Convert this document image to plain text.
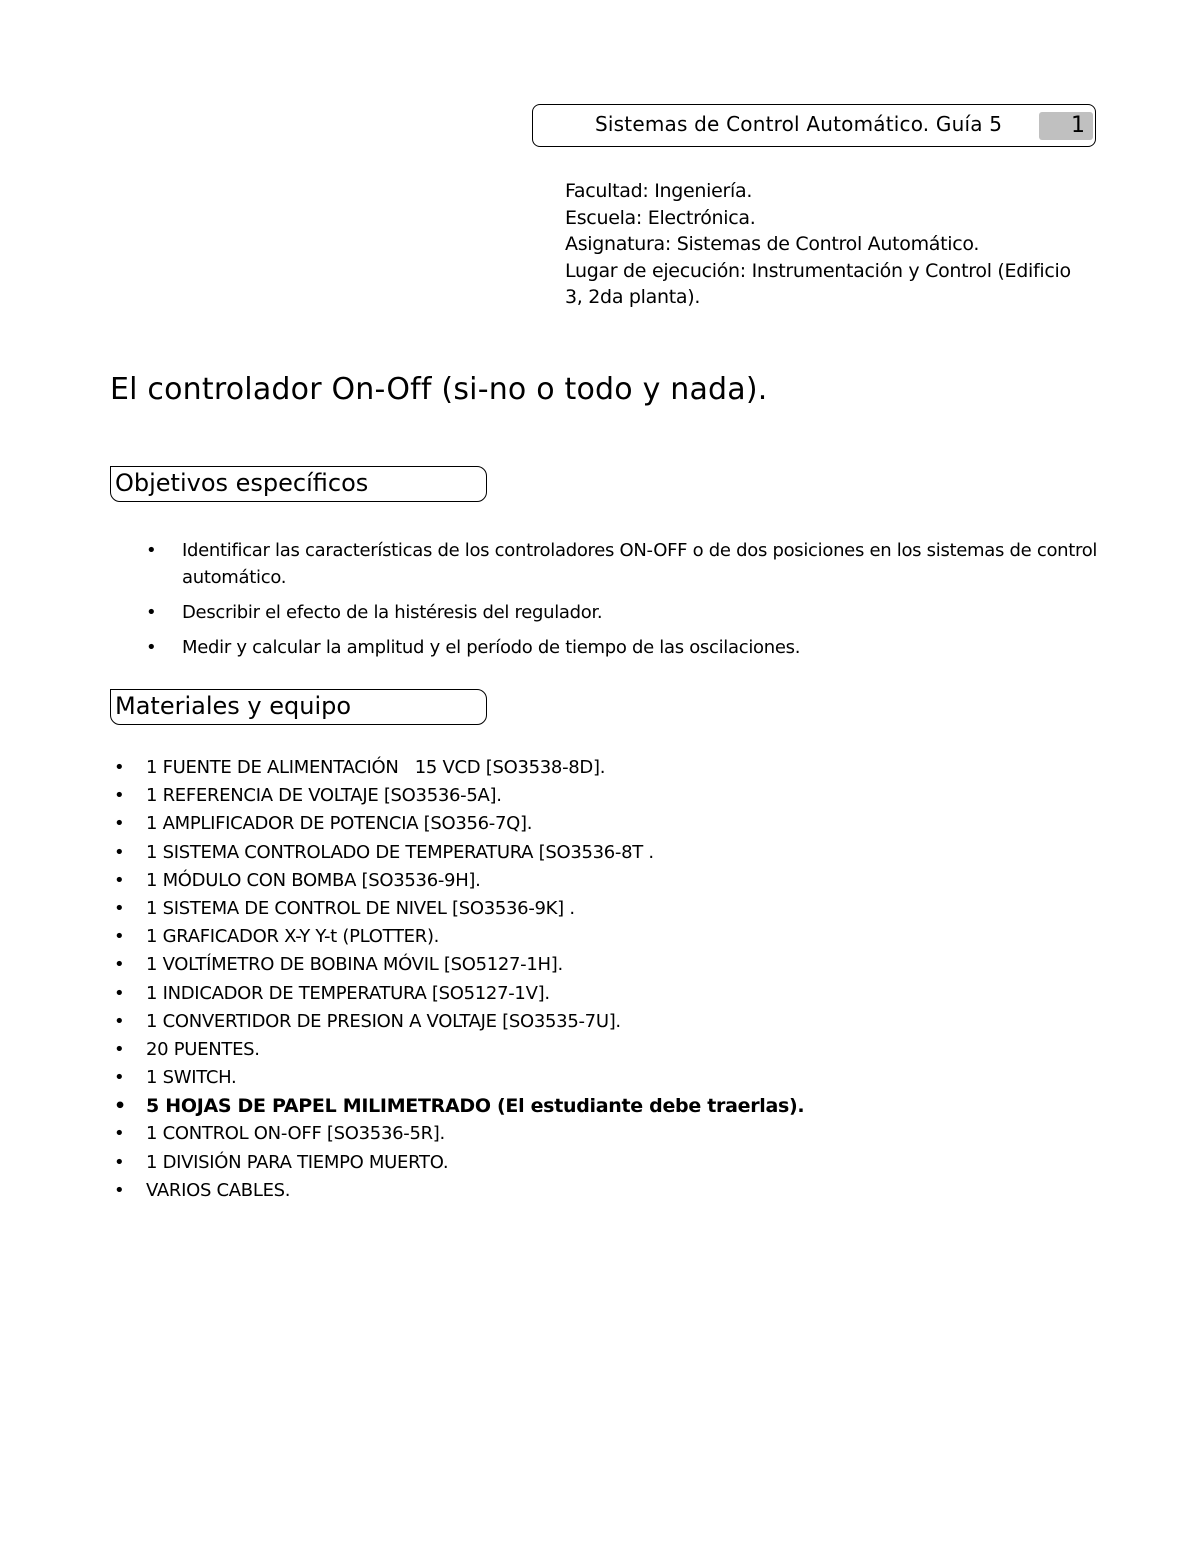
Sistemas de Control Automático. Guía 5	1
Facultad: Ingeniería.
Escuela: Electrónica.
Asignatura: Sistemas de Control Automático.
Lugar de ejecución: Instrumentación y Control (Edificio
3, 2da planta).
El controlador On-Off (si-no o todo y nada).
Objetivos específicos
• Identificar las características de los controladores ON-OFF o de dos posiciones en los sistemas de control automático.
• Describir el efecto de la histéresis del regulador.
• Medir y calcular la amplitud y el período de tiempo de las oscilaciones.
Materiales y equipo
• 1 FUENTE DE ALIMENTACIÓN   15 VCD [SO3538-8D].
• 1 REFERENCIA DE VOLTAJE [SO3536-5A].
• 1 AMPLIFICADOR DE POTENCIA [SO356-7Q].
• 1 SISTEMA CONTROLADO DE TEMPERATURA [SO3536-8T .
• 1 MÓDULO CON BOMBA [SO3536-9H].
• 1 SISTEMA DE CONTROL DE NIVEL [SO3536-9K] .
• 1 GRAFICADOR X-Y Y-t (PLOTTER).
• 1 VOLTÍMETRO DE BOBINA MÓVIL [SO5127-1H].
• 1 INDICADOR DE TEMPERATURA [SO5127-1V].
• 1 CONVERTIDOR DE PRESION A VOLTAJE [SO3535-7U].
• 20 PUENTES.
• 1 SWITCH.
• 5 HOJAS DE PAPEL MILIMETRADO (El estudiante debe traerlas).
• 1 CONTROL ON-OFF [SO3536-5R].
• 1 DIVISIÓN PARA TIEMPO MUERTO.
• VARIOS CABLES.
